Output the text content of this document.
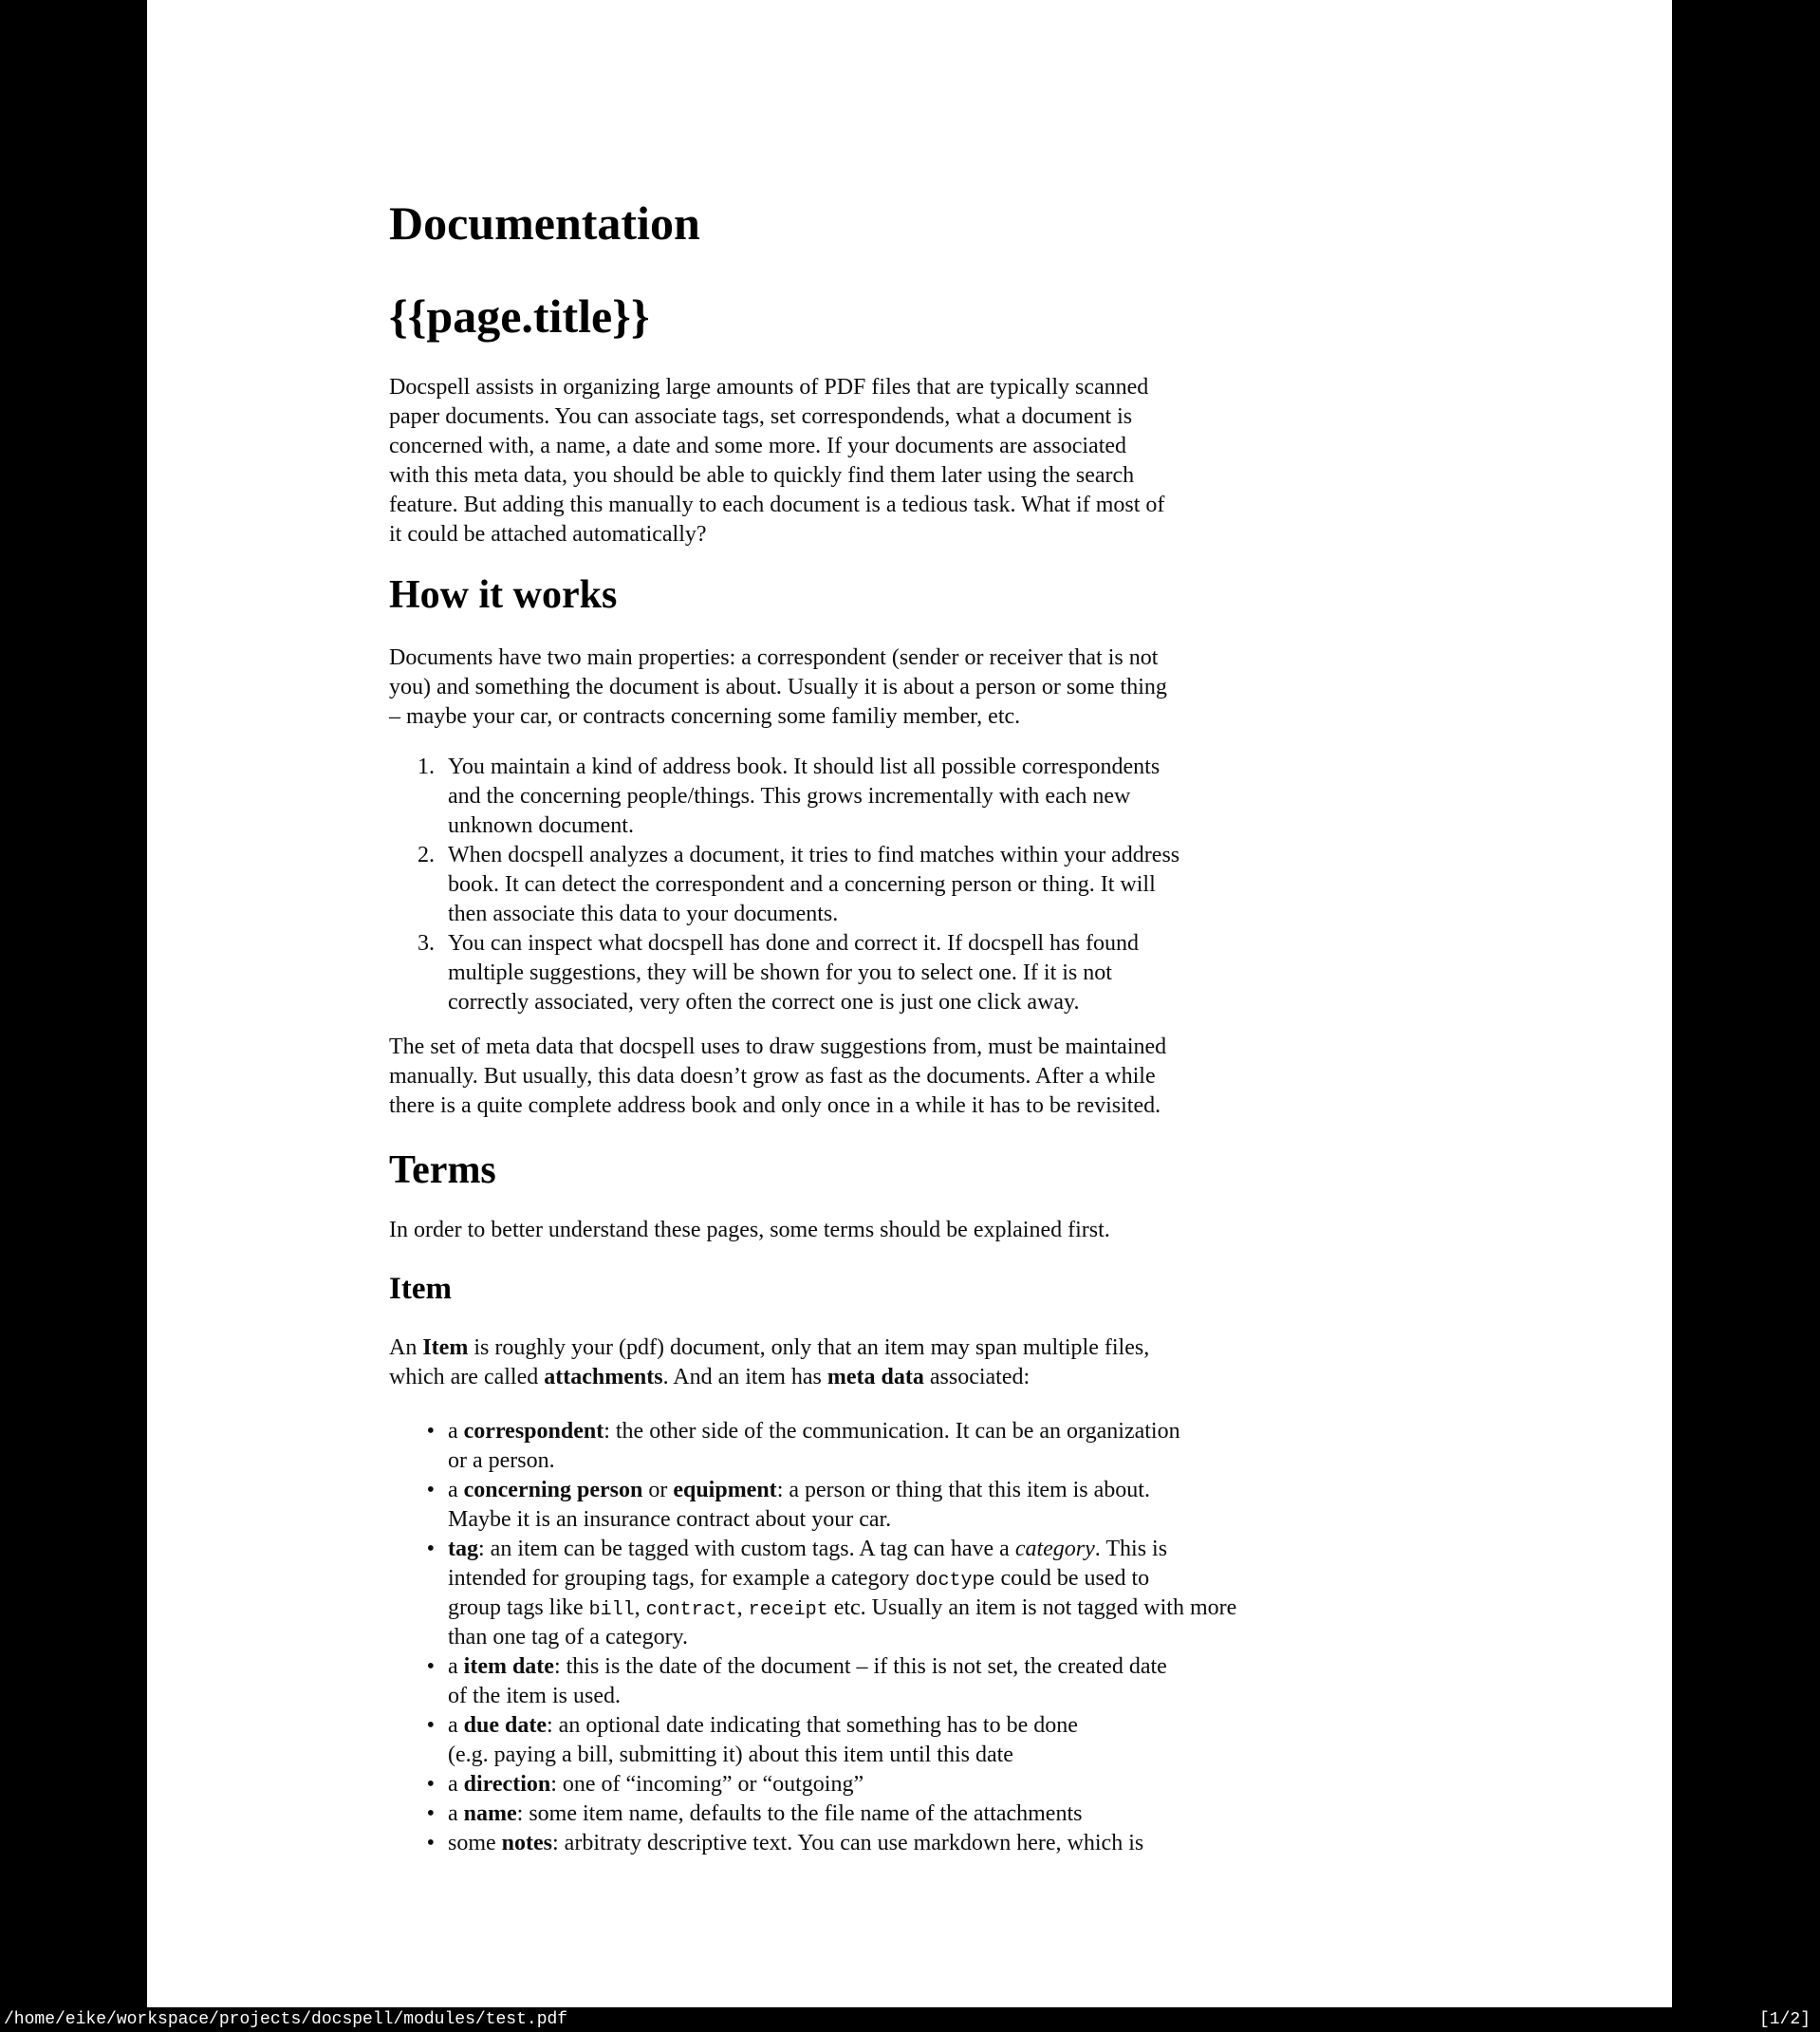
Documentation
{{page.title}}
Docspell assists in organizing large amounts of PDF files that are typically scanned
paper documents. You can associate tags, set correspondends, what a document is
concerned with, a name, a date and some more. If your documents are associated
with this meta data, you should be able to quickly find them later using the search
feature. But adding this manually to each document is a tedious task. What if most of
it could be attached automatically?
How it works
Documents have two main properties: a correspondent (sender or receiver that is not
you) and something the document is about. Usually it is about a person or some thing
– maybe your car, or contracts concerning some familiy member, etc.
1. You maintain a kind of address book. It should list all possible correspondents
and the concerning people/things. This grows incrementally with each new
unknown document.
2. When docspell analyzes a document, it tries to find matches within your address
book. It can detect the correspondent and a concerning person or thing. It will
then associate this data to your documents.
3. You can inspect what docspell has done and correct it. If docspell has found
multiple suggestions, they will be shown for you to select one. If it is not
correctly associated, very often the correct one is just one click away.
The set of meta data that docspell uses to draw suggestions from, must be maintained
manually. But usually, this data doesn’t grow as fast as the documents. After a while
there is a quite complete address book and only once in a while it has to be revisited.
Terms
In order to better understand these pages, some terms should be explained first.
Item
An Item is roughly your (pdf) document, only that an item may span multiple files,
which are called attachments. And an item has meta data associated:
• a correspondent: the other side of the communication. It can be an organization
or a person.
• a concerning person or equipment: a person or thing that this item is about.
Maybe it is an insurance contract about your car.
• tag: an item can be tagged with custom tags. A tag can have a category. This is
intended for grouping tags, for example a category doctype could be used to
group tags like bill, contract, receipt etc. Usually an item is not tagged with more
than one tag of a category.
• a item date: this is the date of the document – if this is not set, the created date
of the item is used.
• a due date: an optional date indicating that something has to be done
(e.g. paying a bill, submitting it) about this item until this date
• a direction: one of “incoming” or “outgoing”
• a name: some item name, defaults to the file name of the attachments
• some notes: arbitraty descriptive text. You can use markdown here, which is
/home/eike/workspace/projects/docspell/modules/test.pdf	[1/2]
